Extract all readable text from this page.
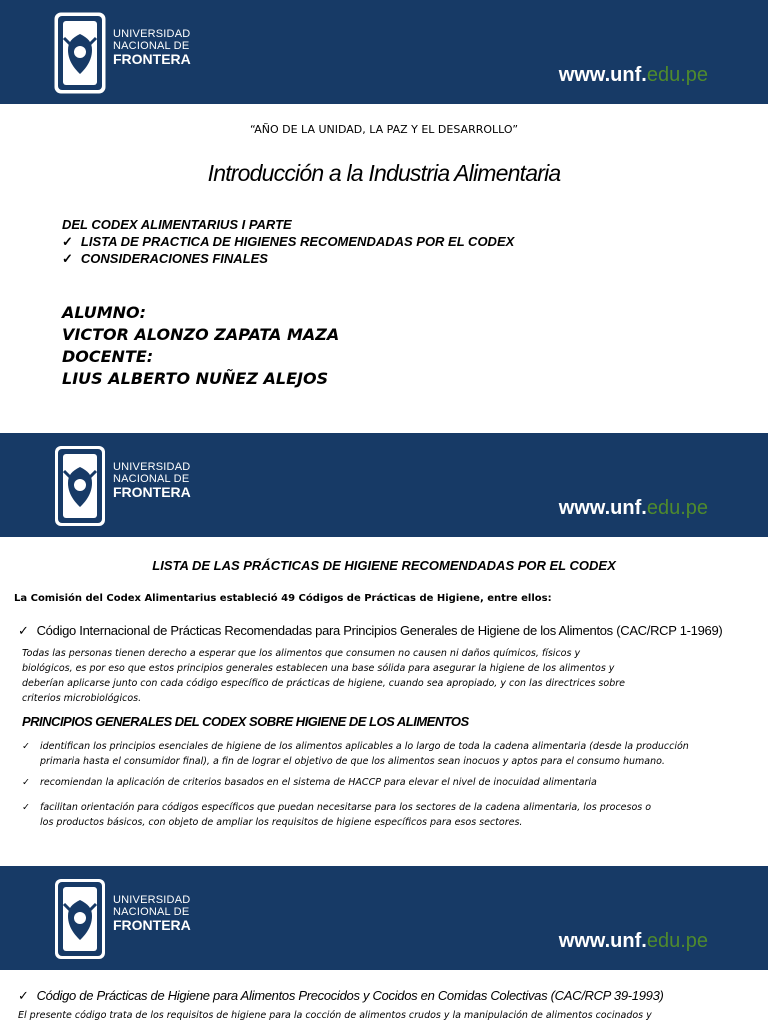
UNIVERSIDAD
NACIONAL DE
FRONTERA
www.unf.edu.pe
“AÑO DE LA UNIDAD, LA PAZ Y EL DESARROLLO”
Introducción a la Industria Alimentaria
DEL CODEX ALIMENTARIUS I PARTE
✓ LISTA DE PRACTICA DE HIGIENES RECOMENDADAS POR EL CODEX
✓ CONSIDERACIONES FINALES
ALUMNO:
VICTOR ALONZO ZAPATA MAZA
DOCENTE:
LIUS ALBERTO NUÑEZ ALEJOS
UNIVERSIDAD
NACIONAL DE
FRONTERA
www.unf.edu.pe
LISTA DE LAS PRÁCTICAS DE HIGIENE RECOMENDADAS POR EL CODEX
La Comisión del Codex Alimentarius estableció 49 Códigos de Prácticas de Higiene, entre ellos:
✓ Código Internacional de Prácticas Recomendadas para Principios Generales de Higiene de los Alimentos (CAC/RCP 1-1969)
Todas las personas tienen derecho a esperar que los alimentos que consumen no causen ni daños químicos, físicos y
biológicos, es por eso que estos principios generales establecen una base sólida para asegurar la higiene de los alimentos y
deberían aplicarse junto con cada código específico de prácticas de higiene, cuando sea apropiado, y con las directrices sobre
criterios microbiológicos.
PRINCIPIOS GENERALES DEL CODEX SOBRE HIGIENE DE LOS ALIMENTOS
✓	identifican los principios esenciales de higiene de los alimentos aplicables a lo largo de toda la cadena alimentaria (desde la producción
primaria hasta el consumidor final), a fin de lograr el objetivo de que los alimentos sean inocuos y aptos para el consumo humano.
✓	recomiendan la aplicación de criterios basados en el sistema de HACCP para elevar el nivel de inocuidad alimentaria
✓	facilitan orientación para códigos específicos que puedan necesitarse para los sectores de la cadena alimentaria, los procesos o
los productos básicos, con objeto de ampliar los requisitos de higiene específicos para esos sectores.
UNIVERSIDAD
NACIONAL DE
FRONTERA
www.unf.edu.pe
✓ Código de Prácticas de Higiene para Alimentos Precocidos y Cocidos en Comidas Colectivas (CAC/RCP 39-1993)
El presente código trata de los requisitos de higiene para la cocción de alimentos crudos y la manipulación de alimentos cocinados y
